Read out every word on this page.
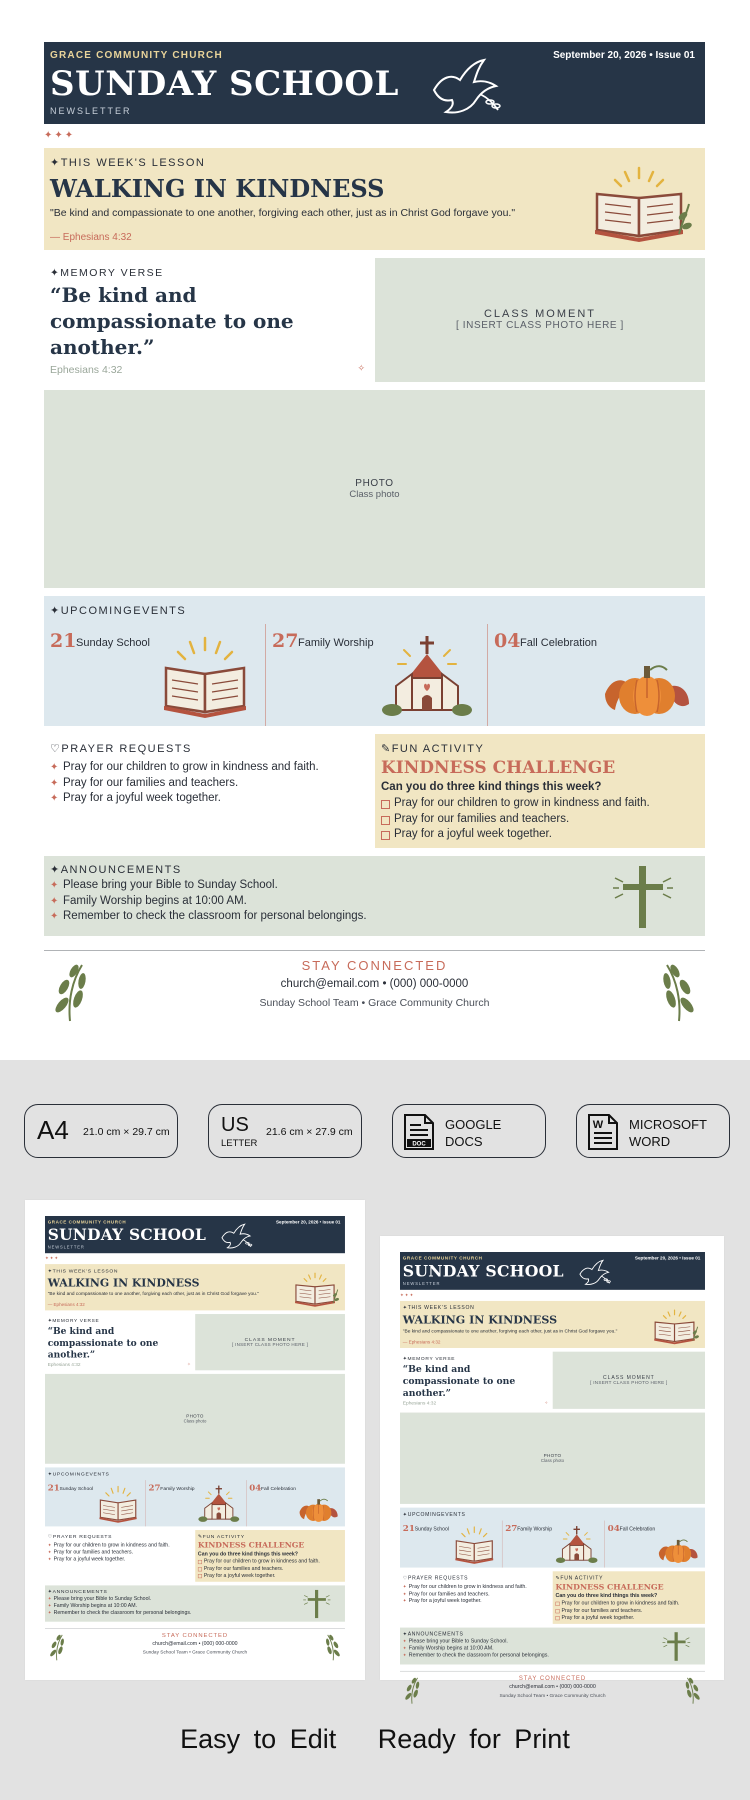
GRACE COMMUNITY CHURCH
SUNDAY SCHOOL
NEWSLETTER
September 20, 2026 • Issue 01
✦✦✦
✦THIS WEEK'S LESSON
WALKING IN KINDNESS
"Be kind and compassionate to one another, forgiving each other, just as in Christ God forgave you."
— Ephesians 4:32
✦MEMORY VERSE
“Be kind and compassionate to one another.”
Ephesians 4:32	✧
CLASS MOMENT
[ INSERT CLASS PHOTO HERE ]
PHOTO
Class photo
✦UPCOMINGEVENTS
21 Sunday School	27 Family Worship	04 Fall Celebration
♡PRAYER REQUESTS
✦ Pray for our children to grow in kindness and faith.
✦ Pray for our families and teachers.
✦ Pray for a joyful week together.
✎FUN ACTIVITY
KINDNESS CHALLENGE
Can you do three kind things this week?
Pray for our children to grow in kindness and faith.
Pray for our families and teachers.
Pray for a joyful week together.
✦ANNOUNCEMENTS
✦ Please bring your Bible to Sunday School.
✦ Family Worship begins at 10:00 AM.
✦ Remember to check the classroom for personal belongings.
STAY CONNECTED
church@email.com • (000) 000-0000
Sunday School Team • Grace Community Church
A4 21.0 cm × 29.7 cm	US
LETTER
21.6 cm × 27.9 cm
DOC
GOOGLE
DOCS
W MICROSOFT
WORD
GRACE COMMUNITY CHURCH
SUNDAY SCHOOL
NEWSLETTER
September 20, 2026 • Issue 01
✦✦✦
✦THIS WEEK'S LESSON
WALKING IN KINDNESS
"Be kind and compassionate to one another, forgiving each other, just as in Christ God forgave you."
— Ephesians 4:32
✦MEMORY VERSE
“Be kind and compassionate to one another.”
Ephesians 4:32	✧
CLASS MOMENT
[ INSERT CLASS PHOTO HERE ]
PHOTO
Class photo
✦UPCOMINGEVENTS
21 Sunday School	27 Family Worship	04 Fall Celebration
♡PRAYER REQUESTS
✦ Pray for our children to grow in kindness and faith.
✦ Pray for our families and teachers.
✦ Pray for a joyful week together.
✎FUN ACTIVITY
KINDNESS CHALLENGE
Can you do three kind things this week?
Pray for our children to grow in kindness and faith.
Pray for our families and teachers.
Pray for a joyful week together.
✦ANNOUNCEMENTS
✦ Please bring your Bible to Sunday School.
✦ Family Worship begins at 10:00 AM.
✦ Remember to check the classroom for personal belongings.
STAY CONNECTED
church@email.com • (000) 000-0000
Sunday School Team • Grace Community Church
GRACE COMMUNITY CHURCH
SUNDAY SCHOOL
NEWSLETTER
September 20, 2026 • Issue 01
✦✦✦
✦THIS WEEK'S LESSON
WALKING IN KINDNESS
"Be kind and compassionate to one another, forgiving each other, just as in Christ God forgave you."
— Ephesians 4:32
✦MEMORY VERSE
“Be kind and compassionate to one another.”
Ephesians 4:32	✧
CLASS MOMENT
[ INSERT CLASS PHOTO HERE ]
PHOTO
Class photo
✦UPCOMINGEVENTS
21 Sunday School	27 Family Worship	04 Fall Celebration
♡PRAYER REQUESTS
✦ Pray for our children to grow in kindness and faith.
✦ Pray for our families and teachers.
✦ Pray for a joyful week together.
✎FUN ACTIVITY
KINDNESS CHALLENGE
Can you do three kind things this week?
Pray for our children to grow in kindness and faith.
Pray for our families and teachers.
Pray for a joyful week together.
✦ANNOUNCEMENTS
✦ Please bring your Bible to Sunday School.
✦ Family Worship begins at 10:00 AM.
✦ Remember to check the classroom for personal belongings.
STAY CONNECTED
church@email.com • (000) 000-0000
Sunday School Team • Grace Community Church
Easy to Edit Ready for Print
